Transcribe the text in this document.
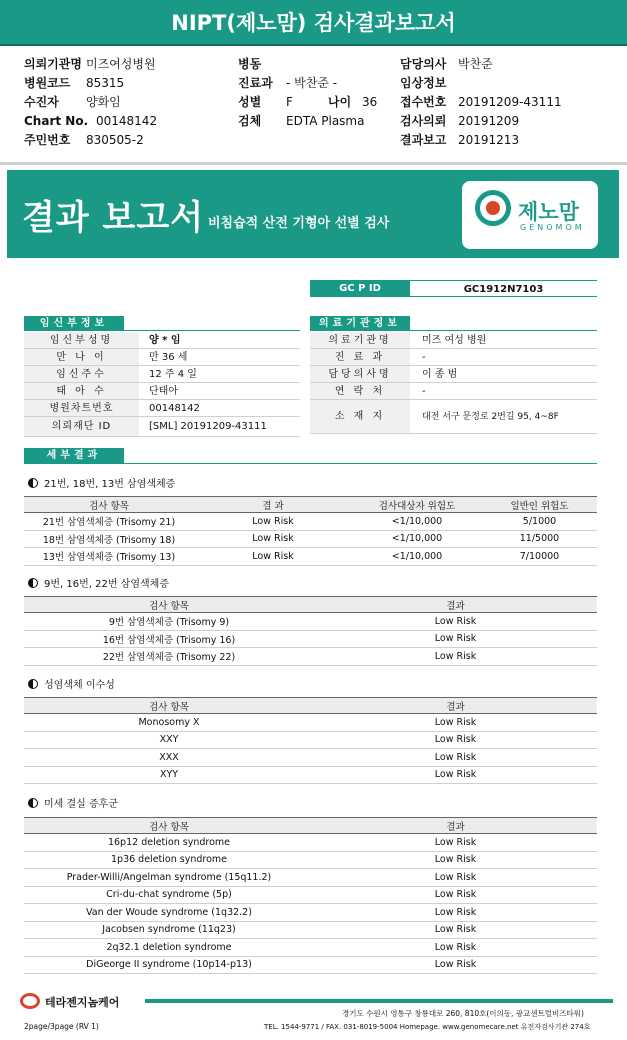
NIPT(제노맘) 검사결과보고서
의뢰기관명 미즈여성병원
병원코드 85315
수진자 양화임
Chart No. 00148142
주민번호 830505-2
병동
진료과 - 박찬준 -
성별 F	나이 36
검체 EDTA Plasma
담당의사 박찬준
임상정보
접수번호 20191209-43111
검사의뢰 20191209
결과보고 20191213
결과 보고서 비침습적 산전 기형아 선별 검사	제노맘
GENOMOM
GC P ID	GC1912N7103
임신부정보
임신부성명	양 * 임
만 나 이	만 36 세
임신주수	12 주 4 일
태 아 수	단태아
병원차트번호	00148142
의뢰재단 ID	[SML] 20191209-43111
의료기관정보
의료기관명	미즈 여성 병원
진 료 과	-
담당의사명	이 종 범
연 락 처	-
소 재 지	대전 서구 문정로 2번길 95, 4~8F
세부결과
21번, 18번, 13번 삼염색체증
검사 항목	결 과	검사대상자 위험도	일반인 위험도
21번 삼염색체증 (Trisomy 21)	Low Risk	<1/10,000	5/1000
18번 삼염색체증 (Trisomy 18)	Low Risk	<1/10,000	11/5000
13번 삼염색체증 (Trisomy 13)	Low Risk	<1/10,000	7/10000
9번, 16번, 22번 삼염색체증
검사 항목	결과
9번 삼염색체증 (Trisomy 9)	Low Risk
16번 삼염색체증 (Trisomy 16)	Low Risk
22번 삼염색체증 (Trisomy 22)	Low Risk
성염색체 이수성
검사 항목	결과
Monosomy X	Low Risk
XXY	Low Risk
XXX	Low Risk
XYY	Low Risk
미세 결실 증후군
검사 항목	결과
16p12 deletion syndrome	Low Risk
1p36 deletion syndrome	Low Risk
Prader-Willi/Angelman syndrome (15q11.2)	Low Risk
Cri-du-chat syndrome (5p)	Low Risk
Van der Woude syndrome (1q32.2)	Low Risk
Jacobsen syndrome (11q23)	Low Risk
2q32.1 deletion syndrome	Low Risk
DiGeorge II syndrome (10p14-p13)	Low Risk
테라젠지놈케어
경기도 수원시 영통구 창룡대로 260, 810호(이의동, 광교센트럴비즈타워)
2page/3page (RV 1)	TEL. 1544-9771 / FAX. 031-8019-5004 Homepage. www.genomecare.net 유전자검사기관 274호
